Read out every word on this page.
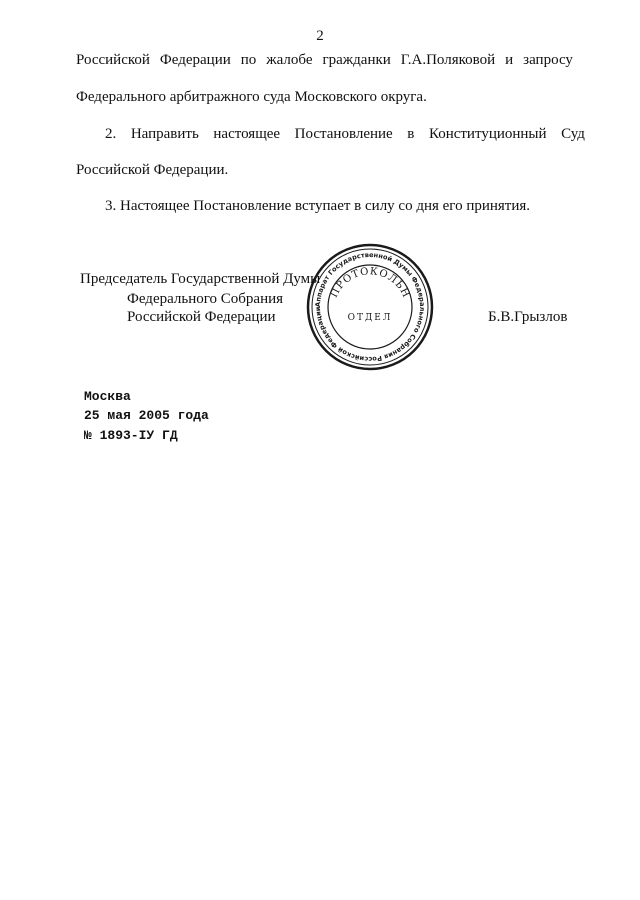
2
Российской Федерации по жалобе гражданки Г.А.Поляковой и запросу
Федерального арбитражного суда Московского округа.
2. Направить настоящее Постановление в Конституционный Суд
Российской Федерации.
3. Настоящее Постановление вступает в силу со дня его принятия.
Аппарат Государственной Думы Федерального Собрания Российской Федерации
ПРОТОКОЛЬН
ОТДЕЛ
Председатель Государственной Думы
Федерального Собрания
Российской Федерации	Б.В.Грызлов
Москва
25 мая 2005 года
№ 1893-IУ ГД
